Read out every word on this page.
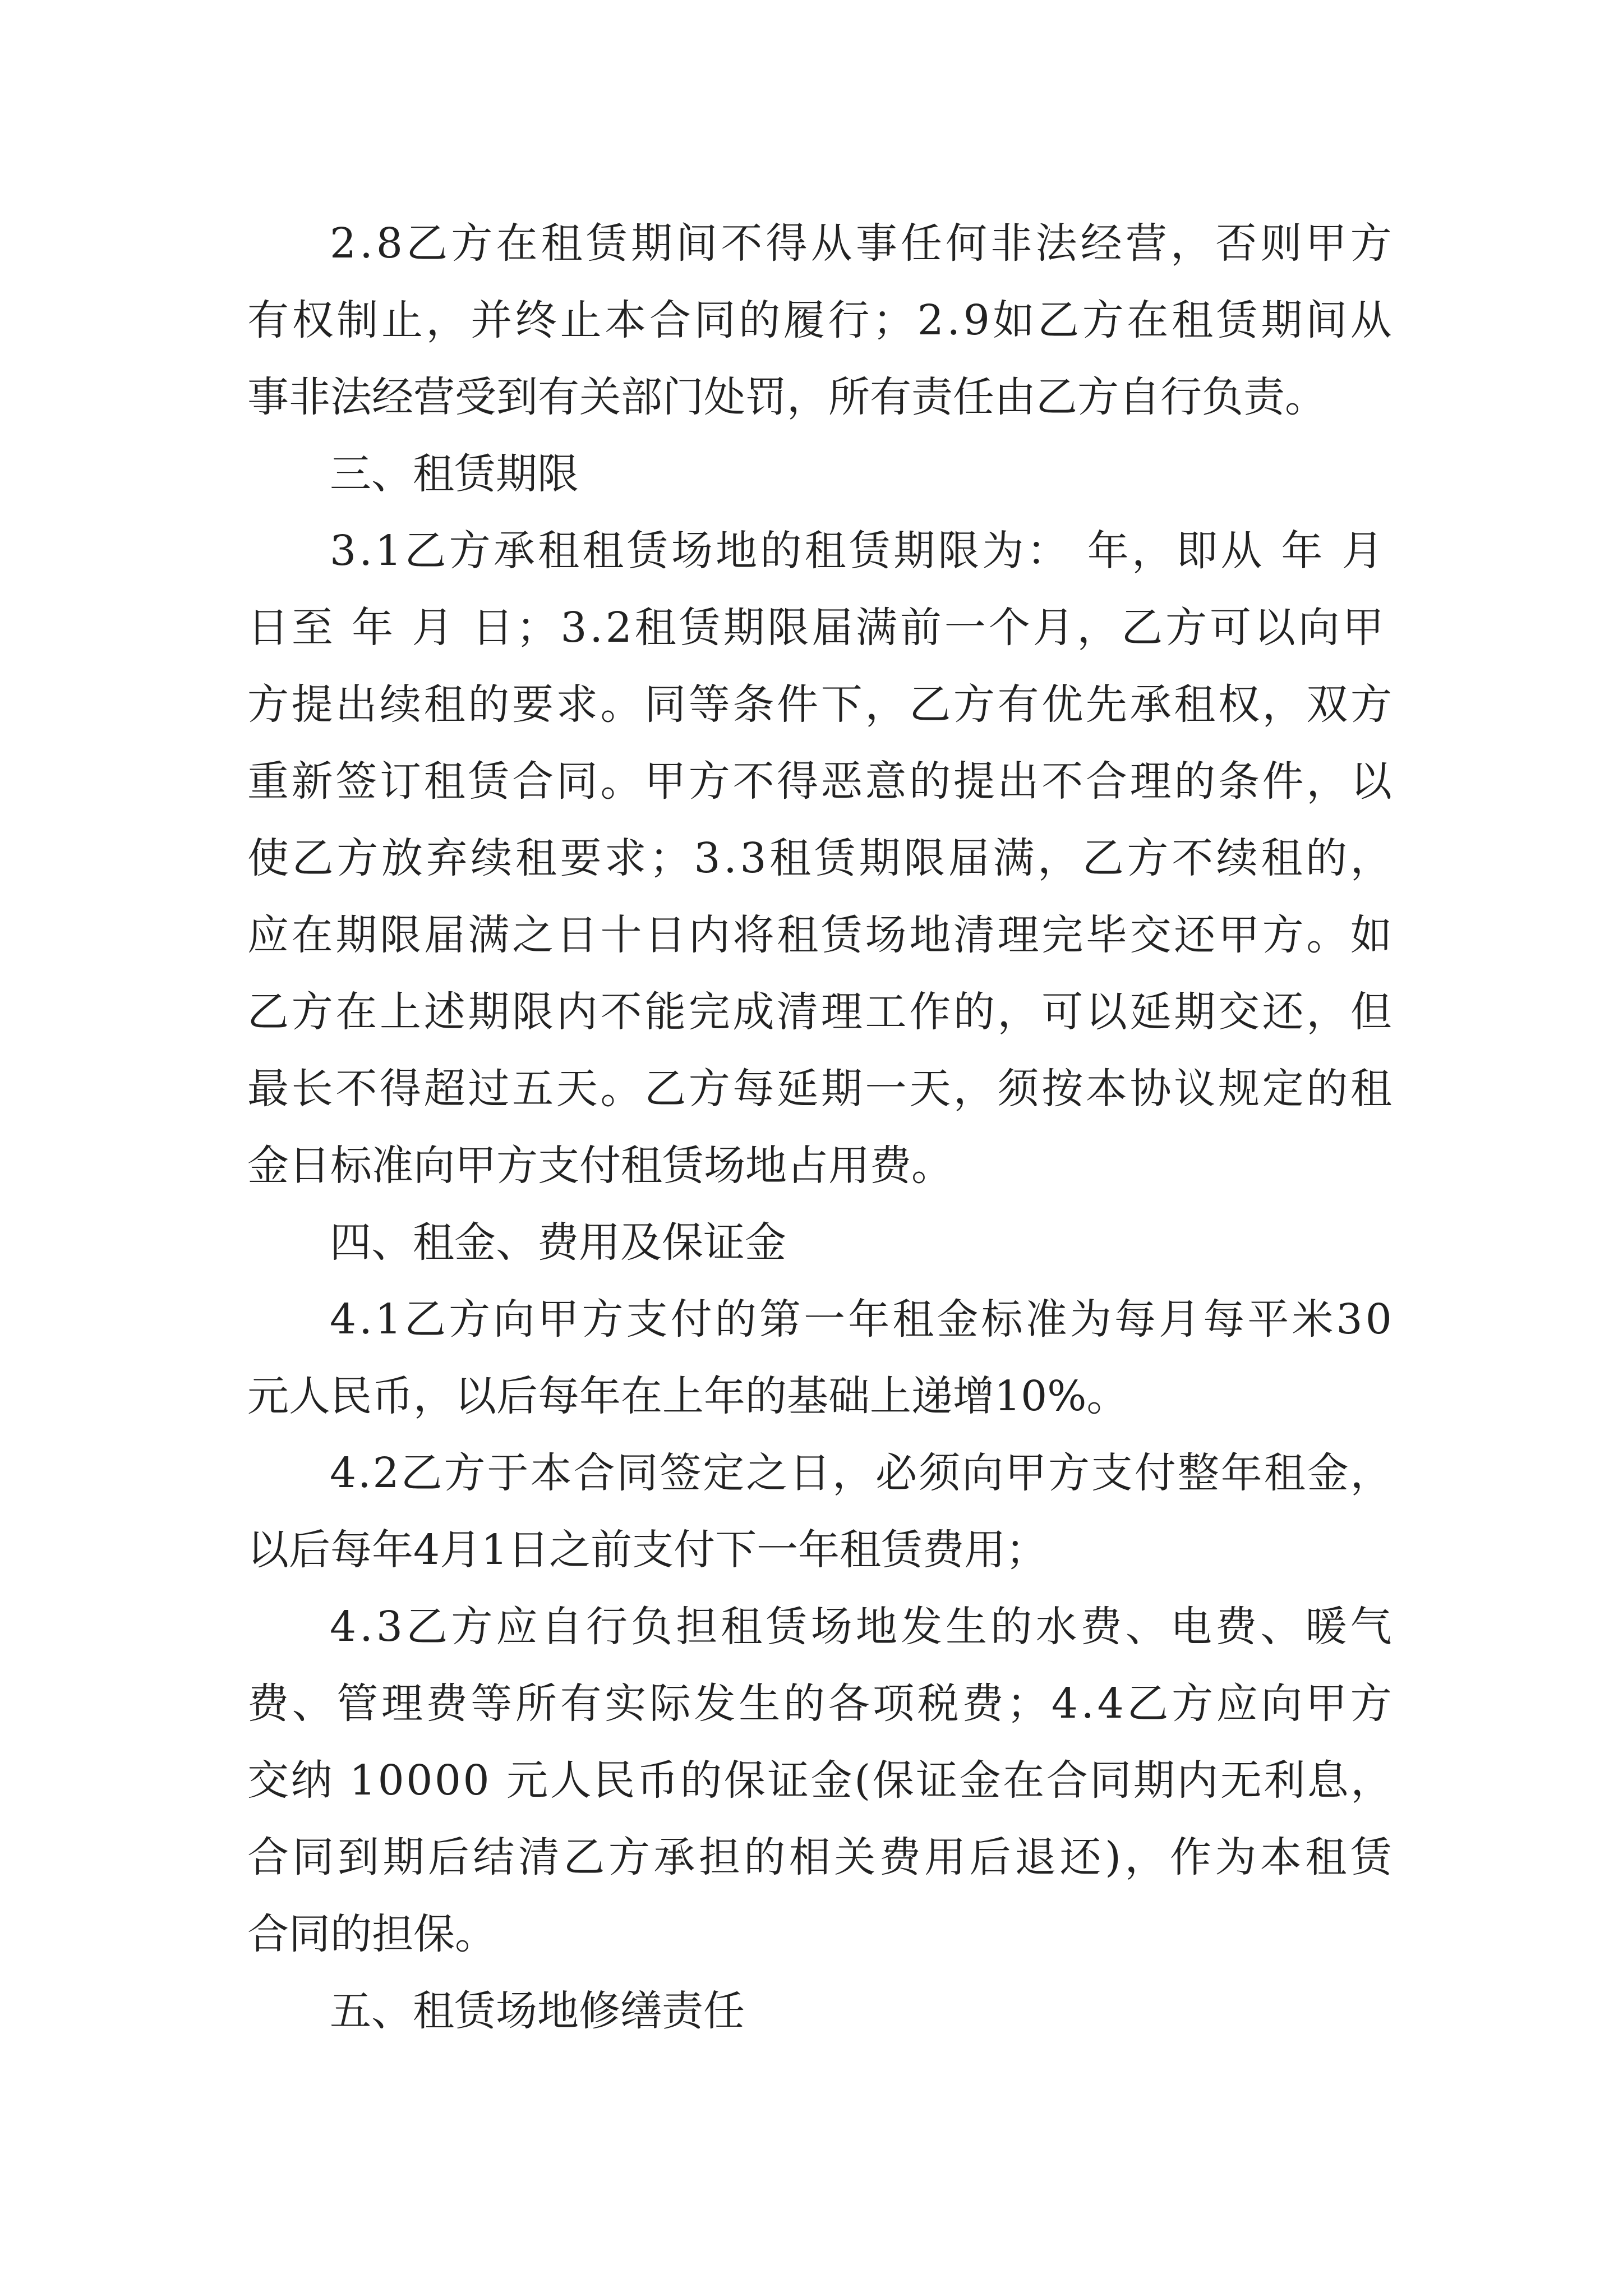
2.8乙方在租赁期间不得从事任何非法经营，否则甲方
有权制止，并终止本合同的履行；2.9如乙方在租赁期间从
事非法经营受到有关部门处罚，所有责任由乙方自行负责。
三、租赁期限
3.1乙方承租租赁场地的租赁期限为： 年，即从 年 月
日至 年 月 日；3.2租赁期限届满前一个月，乙方可以向甲
方提出续租的要求。同等条件下，乙方有优先承租权，双方
重新签订租赁合同。甲方不得恶意的提出不合理的条件，以
使乙方放弃续租要求；3.3租赁期限届满，乙方不续租的，
应在期限届满之日十日内将租赁场地清理完毕交还甲方。如
乙方在上述期限内不能完成清理工作的，可以延期交还，但
最长不得超过五天。乙方每延期一天，须按本协议规定的租
金日标准向甲方支付租赁场地占用费。
四、租金、费用及保证金
4.1乙方向甲方支付的第一年租金标准为每月每平米30
元人民币，以后每年在上年的基础上递增10%。
4.2乙方于本合同签定之日，必须向甲方支付整年租金，
以后每年4月1日之前支付下一年租赁费用；
4.3乙方应自行负担租赁场地发生的水费、电费、暖气
费、管理费等所有实际发生的各项税费；4.4乙方应向甲方
交纳 10000 元人民币的保证金(保证金在合同期内无利息，
合同到期后结清乙方承担的相关费用后退还)，作为本租赁
合同的担保。
五、租赁场地修缮责任
